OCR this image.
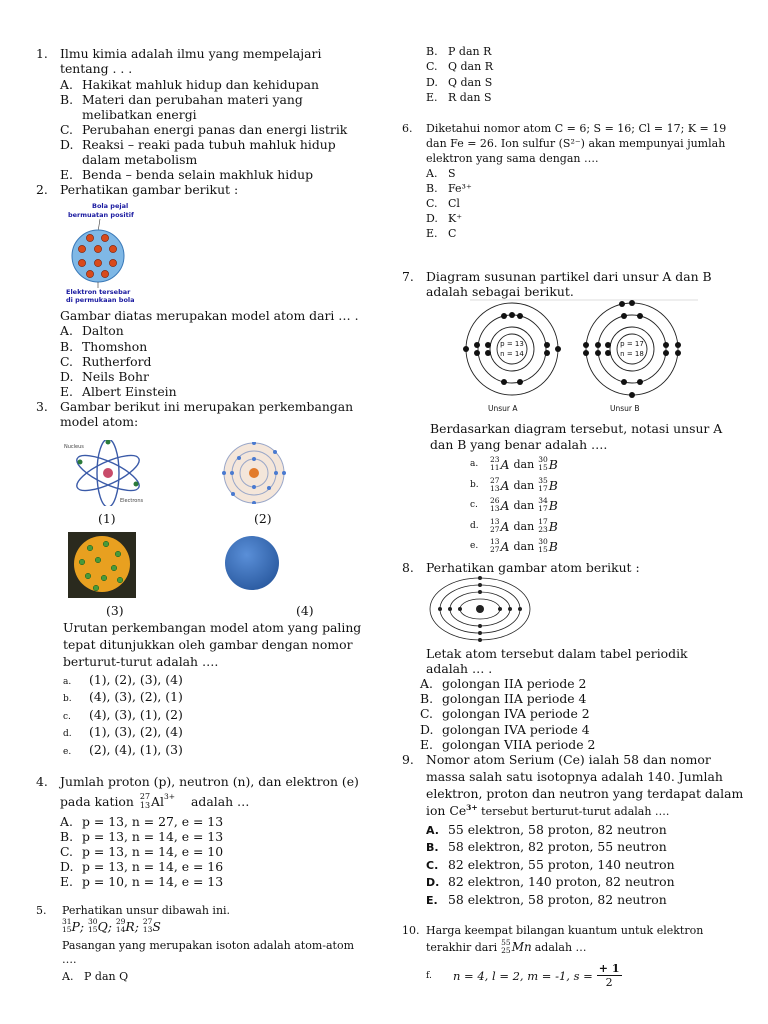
1. Ilmu kimia adalah ilmu yang mempelajari
tentang . . .
A. Hakikat mahluk hidup dan kehidupan
B. Materi dan perubahan materi yang
melibatkan energi
C. Perubahan energi panas dan energi listrik
D. Reaksi – reaki pada tubuh mahluk hidup
dalam metabolism
E. Benda – benda selain makhluk hidup
2. Perhatikan gambar berikut :
Bola pejal
bermuatan positif
Elektron tersebar
di permukaan bola
Gambar diatas merupakan model atom dari … .
A. Dalton
B. Thomshon
C. Rutherford
D. Neils Bohr
E. Albert Einstein
3. Gambar berikut ini merupakan perkembangan
model atom:
Nucleus
Electrons
(1)	(2)
(3)	(4)
Urutan perkembangan model atom yang paling
tepat ditunjukkan oleh gambar dengan nomor
berturut-turut adalah ….
a. (1), (2), (3), (4)
b. (4), (3), (2), (1)
c. (4), (3), (1), (2)
d. (1), (3), (2), (4)
e. (2), (4), (1), (3)
4. Jumlah proton (p), neutron (n), dan elektron (e)
pada kation 27
13 $Al^{3+}$ adalah …
A. p = 13, n = 27, e = 13
B. p = 13, n = 14, e = 13
C. p = 13, n = 14, e = 10
D. p = 13, n = 14, e = 16
E. p = 10, n = 14, e = 13
5. Perhatikan unsur dibawah ini.
31
15 P ; 30
15 Q ; 29
14 R ; 27
13 S
Pasangan yang merupakan isoton adalah atom-atom
….
A. P dan Q
B. P dan R
C. Q dan R
D. Q dan S
E. R dan S
6. Diketahui nomor atom C = 6; S = 16; Cl = 17; K = 19
dan Fe = 26. Ion sulfur (S²⁻) akan mempunyai jumlah
elektron yang sama dengan ….
A. S
B. Fe³⁺
C. Cl
D. K⁺
E. C
7. Diagram susunan partikel dari unsur A dan B
adalah sebagai berikut.
p = 13
n = 14
p = 17
n = 18
Unsur A	Unsur B
Berdasarkan diagram tersebut, notasi unsur A
dan B yang benar adalah ….
a.	23
11 A dan 30
15 B
b.	27
13 A dan 35
17 B
c.	26
13 A dan 34
17 B
d.	13
27 A dan 17
23 B
e.	13
27 A dan 30
15 B
8. Perhatikan gambar atom berikut :
Letak atom tersebut dalam tabel periodik
adalah … .
A. golongan IIA periode 2
B. golongan IIA periode 4
C. golongan IVA periode 2
D. golongan IVA periode 4
E. golongan VIIA periode 2
9. Nomor atom Serium (Ce) ialah 58 dan nomor
massa salah satu isotopnya adalah 140. Jumlah
elektron, proton dan neutron yang terdapat dalam
ion $Ce^{3+}$ tersebut berturut-turut adalah ….
A. 55 elektron, 58 proton, 82 neutron
B. 58 elektron, 82 proton, 55 neutron
C. 82 elektron, 55 proton, 140 neutron
D. 82 elektron, 140 proton, 82 neutron
E. 58 elektron, 58 proton, 82 neutron
10. Harga keempat bilangan kuantum untuk elektron
terakhir dari 55
25 Mn adalah …
f.	n = 4, l = 2, m = -1, $s = \frac{+ 1}{2}$
